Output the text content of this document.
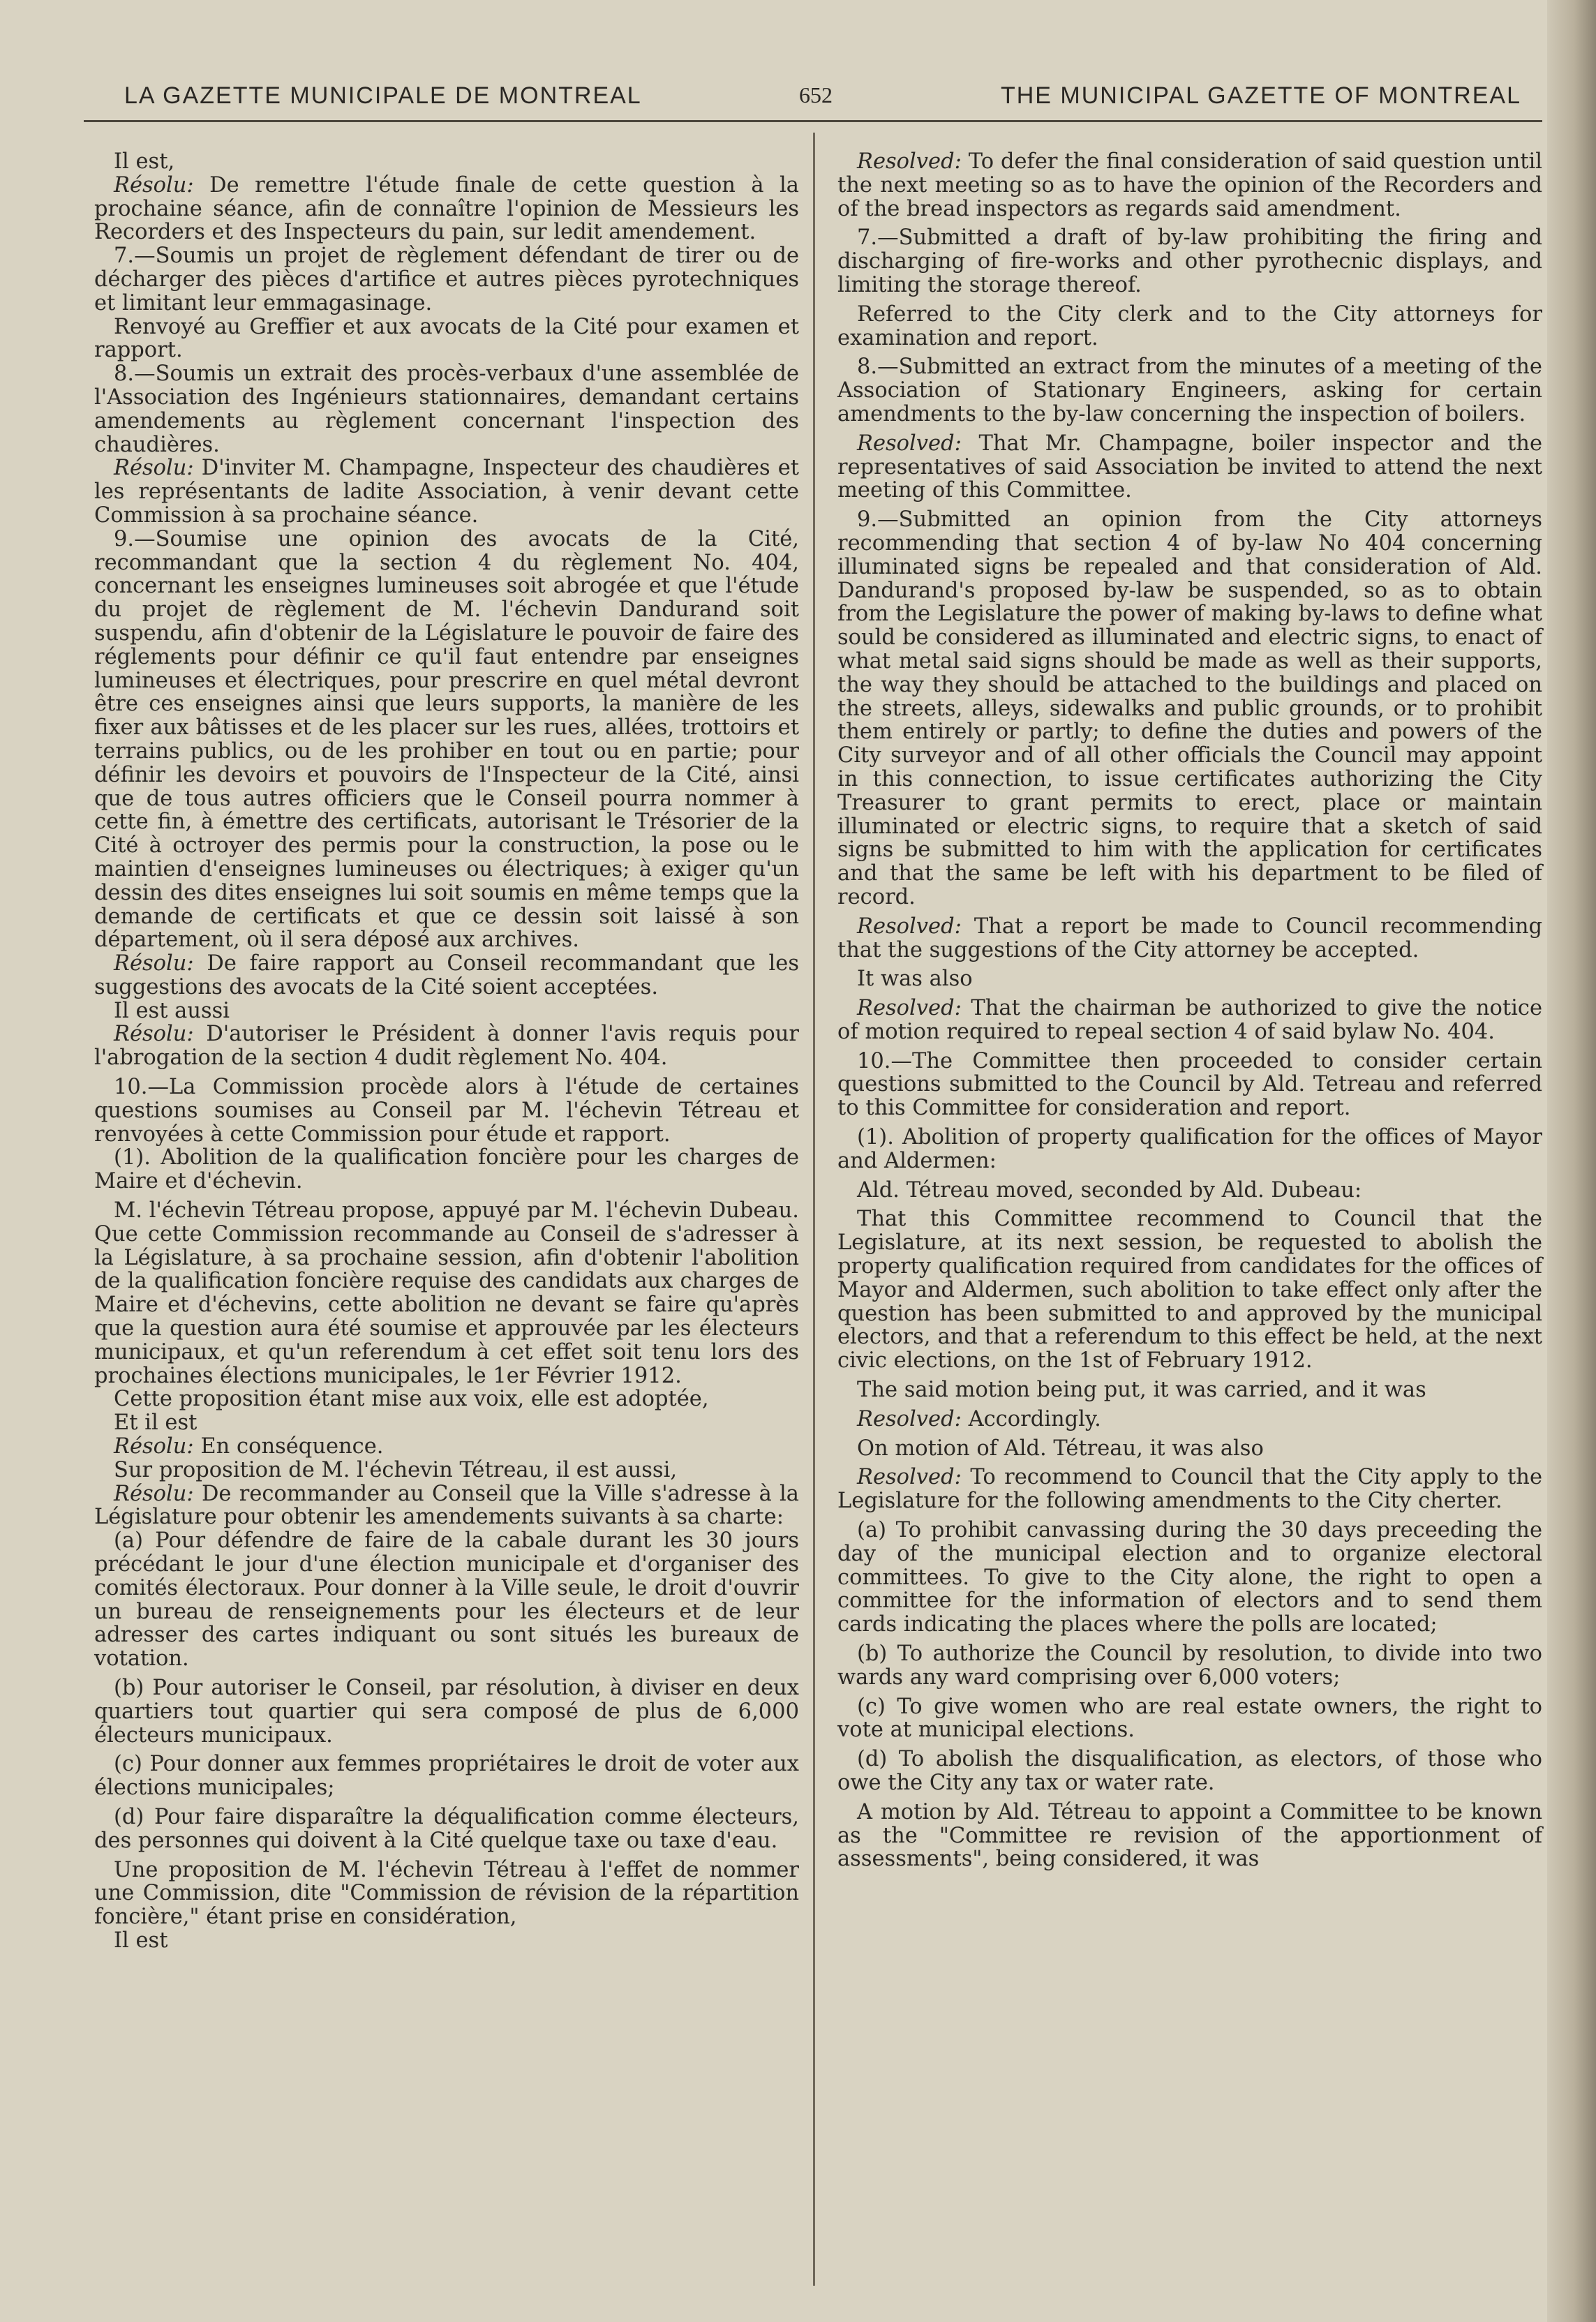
LA GAZETTE MUNICIPALE DE MONTREAL	652	THE MUNICIPAL GAZETTE OF MONTREAL

Il est,

Résolu: De remettre l'étude finale de cette question à la prochaine séance, afin de connaître l'opinion de Messieurs les Recorders et des Inspecteurs du pain, sur ledit amendement.

7.—Soumis un projet de règlement défendant de tirer ou de décharger des pièces d'artifice et autres pièces pyrotechniques et limitant leur emmagasinage.

Renvoyé au Greffier et aux avocats de la Cité pour examen et rapport.

8.—Soumis un extrait des procès-verbaux d'une assemblée de l'Association des Ingénieurs stationnaires, demandant certains amendements au règlement concernant l'inspection des chaudières.

Résolu: D'inviter M. Champagne, Inspecteur des chaudières et les représentants de ladite Association, à venir devant cette Commission à sa prochaine séance.

9.—Soumise une opinion des avocats de la Cité, recommandant que la section 4 du règlement No. 404, concernant les enseignes lumineuses soit abrogée et que l'étude du projet de règlement de M. l'échevin Dandurand soit suspendu, afin d'obtenir de la Législature le pouvoir de faire des réglements pour définir ce qu'il faut entendre par enseignes lumineuses et électriques, pour prescrire en quel métal devront être ces enseignes ainsi que leurs supports, la manière de les fixer aux bâtisses et de les placer sur les rues, allées, trottoirs et terrains publics, ou de les prohiber en tout ou en partie; pour définir les devoirs et pouvoirs de l'Inspecteur de la Cité, ainsi que de tous autres officiers que le Conseil pourra nommer à cette fin, à émettre des certificats, autorisant le Trésorier de la Cité à octroyer des permis pour la construction, la pose ou le maintien d'enseignes lumineuses ou électriques; à exiger qu'un dessin des dites enseignes lui soit soumis en même temps que la demande de certificats et que ce dessin soit laissé à son département, où il sera déposé aux archives.

Résolu: De faire rapport au Conseil recommandant que les suggestions des avocats de la Cité soient acceptées.

Il est aussi

Résolu: D'autoriser le Président à donner l'avis requis pour l'abrogation de la section 4 dudit règlement No. 404.

10.—La Commission procède alors à l'étude de certaines questions soumises au Conseil par M. l'échevin Tétreau et renvoyées à cette Commission pour étude et rapport.

(1). Abolition de la qualification foncière pour les charges de Maire et d'échevin.

M. l'échevin Tétreau propose, appuyé par M. l'échevin Dubeau. Que cette Commission recommande au Conseil de s'adresser à la Législature, à sa prochaine session, afin d'obtenir l'abolition de la qualification foncière requise des candidats aux charges de Maire et d'échevins, cette abolition ne devant se faire qu'après que la question aura été soumise et approuvée par les électeurs municipaux, et qu'un referendum à cet effet soit tenu lors des prochaines élections municipales, le 1er Février 1912.

Cette proposition étant mise aux voix, elle est adoptée,

Et il est

Résolu: En conséquence.

Sur proposition de M. l'échevin Tétreau, il est aussi,

Résolu: De recommander au Conseil que la Ville s'adresse à la Législature pour obtenir les amendements suivants à sa charte:

(a) Pour défendre de faire de la cabale durant les 30 jours précédant le jour d'une élection municipale et d'organiser des comités électoraux. Pour donner à la Ville seule, le droit d'ouvrir un bureau de renseignements pour les électeurs et de leur adresser des cartes indiquant ou sont situés les bureaux de votation.

(b) Pour autoriser le Conseil, par résolution, à diviser en deux quartiers tout quartier qui sera composé de plus de 6,000 électeurs municipaux.

(c) Pour donner aux femmes propriétaires le droit de voter aux élections municipales;

(d) Pour faire disparaître la déqualification comme électeurs, des personnes qui doivent à la Cité quelque taxe ou taxe d'eau.

Une proposition de M. l'échevin Tétreau à l'effet de nommer une Commission, dite "Commission de révision de la répartition foncière," étant prise en considération,

Il est

Resolved: To defer the final consideration of said question until the next meeting so as to have the opinion of the Recorders and of the bread inspectors as regards said amendment.

7.—Submitted a draft of by-law prohibiting the firing and discharging of fire-works and other pyrothecnic displays, and limiting the storage thereof.

Referred to the City clerk and to the City attorneys for examination and report.

8.—Submitted an extract from the minutes of a meeting of the Association of Stationary Engineers, asking for certain amendments to the by-law concerning the inspection of boilers.

Resolved: That Mr. Champagne, boiler inspector and the representatives of said Association be invited to attend the next meeting of this Committee.

9.—Submitted an opinion from the City attorneys recommending that section 4 of by-law No 404 concerning illuminated signs be repealed and that consideration of Ald. Dandurand's proposed by-law be suspended, so as to obtain from the Legislature the power of making by-laws to define what sould be considered as illuminated and electric signs, to enact of what metal said signs should be made as well as their supports, the way they should be attached to the buildings and placed on the streets, alleys, sidewalks and public grounds, or to prohibit them entirely or partly; to define the duties and powers of the City surveyor and of all other officials the Council may appoint in this connection, to issue certificates authorizing the City Treasurer to grant permits to erect, place or maintain illuminated or electric signs, to require that a sketch of said signs be submitted to him with the application for certificates and that the same be left with his department to be filed of record.

Resolved: That a report be made to Council recommending that the suggestions of the City attorney be accepted.

It was also

Resolved: That the chairman be authorized to give the notice of motion required to repeal section 4 of said bylaw No. 404.

10.—The Committee then proceeded to consider certain questions submitted to the Council by Ald. Tetreau and referred to this Committee for consideration and report.

(1). Abolition of property qualification for the offices of Mayor and Aldermen:

Ald. Tétreau moved, seconded by Ald. Dubeau:

That this Committee recommend to Council that the Legislature, at its next session, be requested to abolish the property qualification required from candidates for the offices of Mayor and Aldermen, such abolition to take effect only after the question has been submitted to and approved by the municipal electors, and that a referendum to this effect be held, at the next civic elections, on the 1st of February 1912.

The said motion being put, it was carried, and it was

Resolved: Accordingly.

On motion of Ald. Tétreau, it was also

Resolved: To recommend to Council that the City apply to the Legislature for the following amendments to the City cherter.

(a) To prohibit canvassing during the 30 days preceeding the day of the municipal election and to organize electoral committees. To give to the City alone, the right to open a committee for the information of electors and to send them cards indicating the places where the polls are located;

(b) To authorize the Council by resolution, to divide into two wards any ward comprising over 6,000 voters;

(c) To give women who are real estate owners, the right to vote at municipal elections.

(d) To abolish the disqualification, as electors, of those who owe the City any tax or water rate.

A motion by Ald. Tétreau to appoint a Committee to be known as the "Committee re revision of the apportionment of assessments", being considered, it was
